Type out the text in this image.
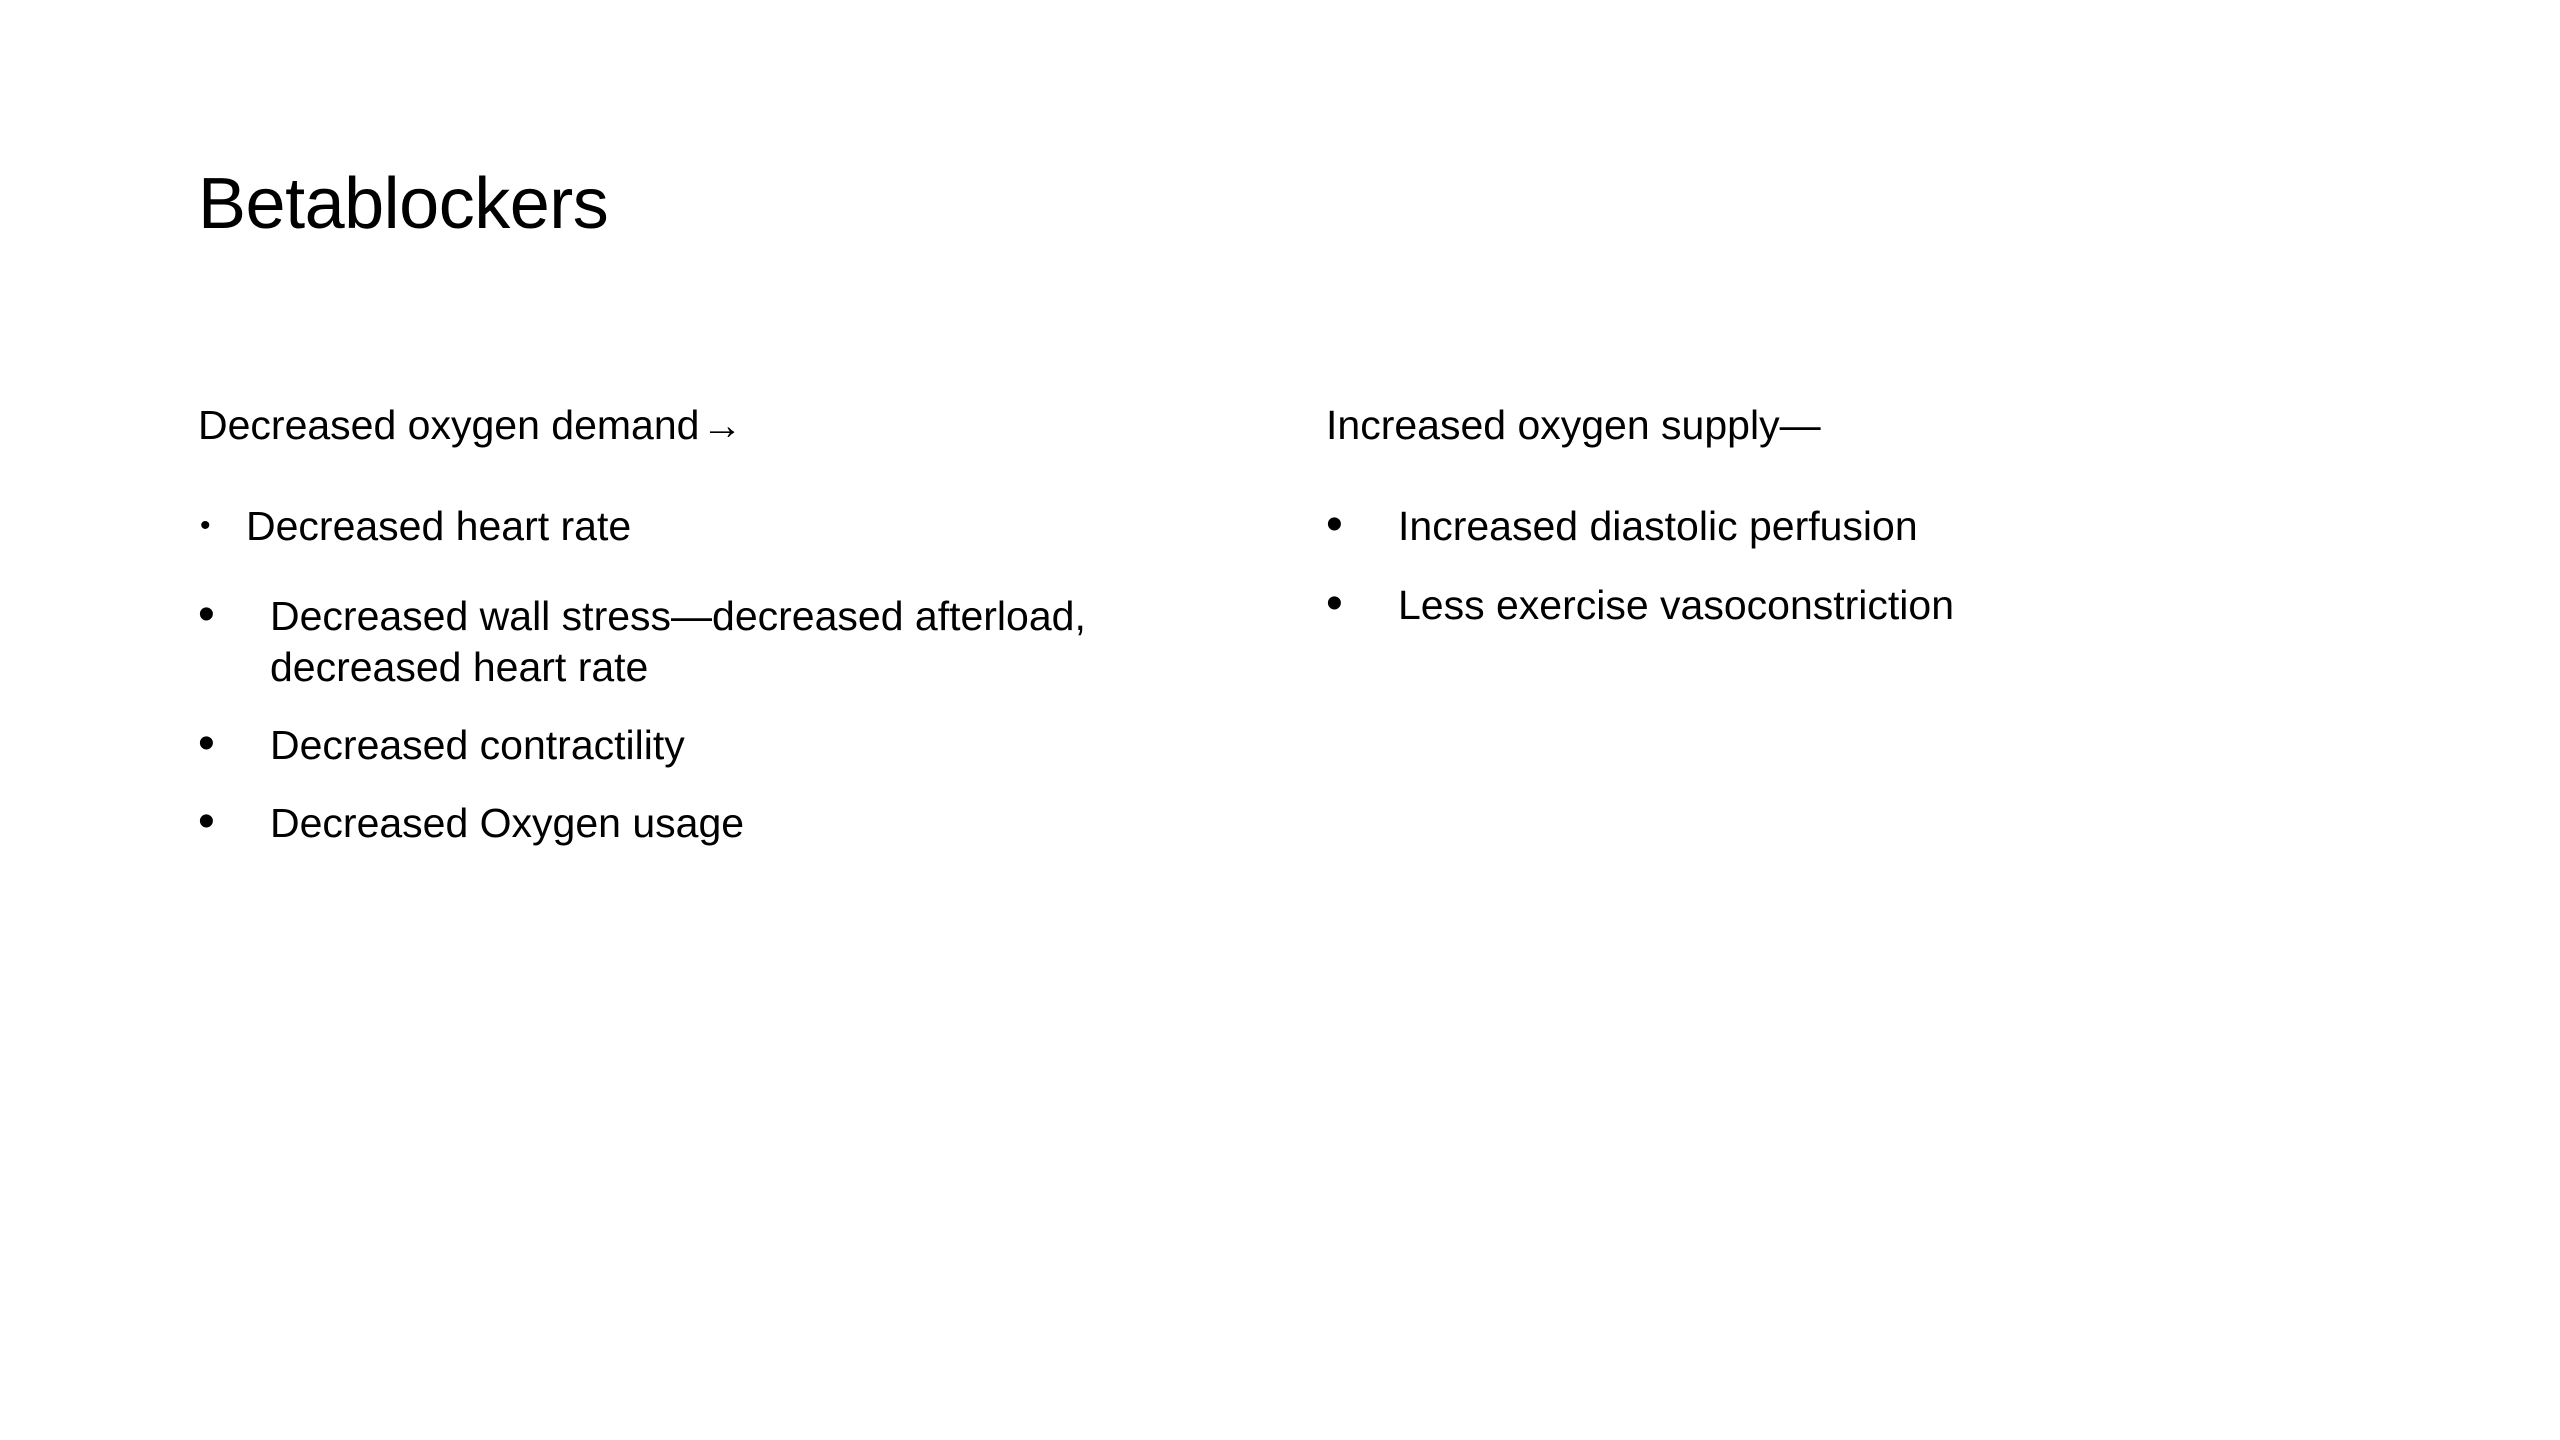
Betablockers
Decreased oxygen demand→
• Decreased heart rate
•	Decreased wall stress—decreased afterload, decreased heart rate
•	Decreased contractility
•	Decreased Oxygen usage
Increased oxygen supply—
•	Increased diastolic perfusion
•	Less exercise vasoconstriction
